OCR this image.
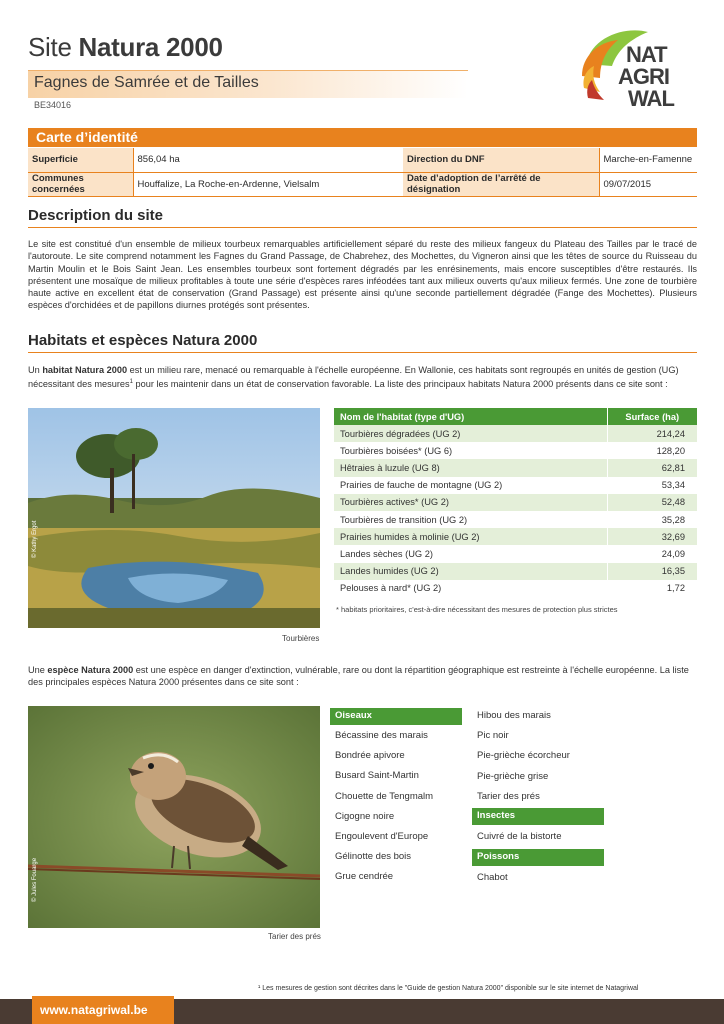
Site Natura 2000
Fagnes de Samrée et de Tailles
BE34016
NAT
AGRI
WAL
Carte d’identité
Superficie	856,04 ha	Direction du DNF	Marche-en-Famenne
Communes concernées	Houffalize, La Roche-en-Ardenne, Vielsalm	Date d’adoption de l’arrêté de désignation	09/07/2015
Description du site
Le site est constitué d'un ensemble de milieux tourbeux remarquables artificiellement séparé du reste des milieux fangeux du Plateau des Tailles par le tracé de l'autoroute. Le site comprend notamment les Fagnes du Grand Passage, de Chabrehez, des Mochettes, du Vigneron ainsi que les têtes de source du Ruisseau du Martin Moulin et le Bois Saint Jean. Les ensembles tourbeux sont fortement dégradés par les enrésinements, mais encore susceptibles d'être restaurés. Ils présentent une mosaïque de milieux profitables à toute une série d'espèces rares inféodées tant aux milieux ouverts qu'aux milieux fermés. Une zone de tourbière haute active en excellent état de conservation (Grand Passage) est présente ainsi qu'une seconde partiellement dégradée (Fange des Mochettes). Plusieurs espèces d'orchidées et de papillons diurnes protégés sont présentes.
Habitats et espèces Natura 2000
Un habitat Natura 2000 est un milieu rare, menacé ou remarquable à l'échelle européenne. En Wallonie, ces habitats sont regroupés en unités de gestion (UG) nécessitant des mesures$^1$ pour les maintenir dans un état de conservation favorable. La liste des principaux habitats Natura 2000 présents dans ce site sont :
© Kathy Ergot
Tourbières
Nom de l'habitat (type d'UG)	Surface (ha)
Tourbières dégradées (UG 2)	214,24
Tourbières boisées* (UG 6)	128,20
Hêtraies à luzule (UG 8)	62,81
Prairies de fauche de montagne (UG 2)	53,34
Tourbières actives* (UG 2)	52,48
Tourbières de transition (UG 2)	35,28
Prairies humides à molinie (UG 2)	32,69
Landes sèches (UG 2)	24,09
Landes humides (UG 2)	16,35
Pelouses à nard* (UG 2)	1,72
* habitats prioritaires, c'est-à-dire nécessitant des mesures de protection plus strictes
Une espèce Natura 2000 est une espèce en danger d'extinction, vulnérable, rare ou dont la répartition géographique est restreinte à l'échelle européenne. La liste des principales espèces Natura 2000 présentes dans ce site sont :
© Jules Fouarge
Tarier des prés
Oiseaux
Bécassine des marais
Bondrée apivore
Busard Saint-Martin
Chouette de Tengmalm
Cigogne noire
Engoulevent d'Europe
Gélinotte des bois
Grue cendrée
Hibou des marais
Pic noir
Pie-grièche écorcheur
Pie-grièche grise
Tarier des prés
Insectes
Cuivré de la bistorte
Poissons
Chabot
¹ Les mesures de gestion sont décrites dans le "Guide de gestion Natura 2000" disponible sur le site internet de Natagriwal
www.natagriwal.be
